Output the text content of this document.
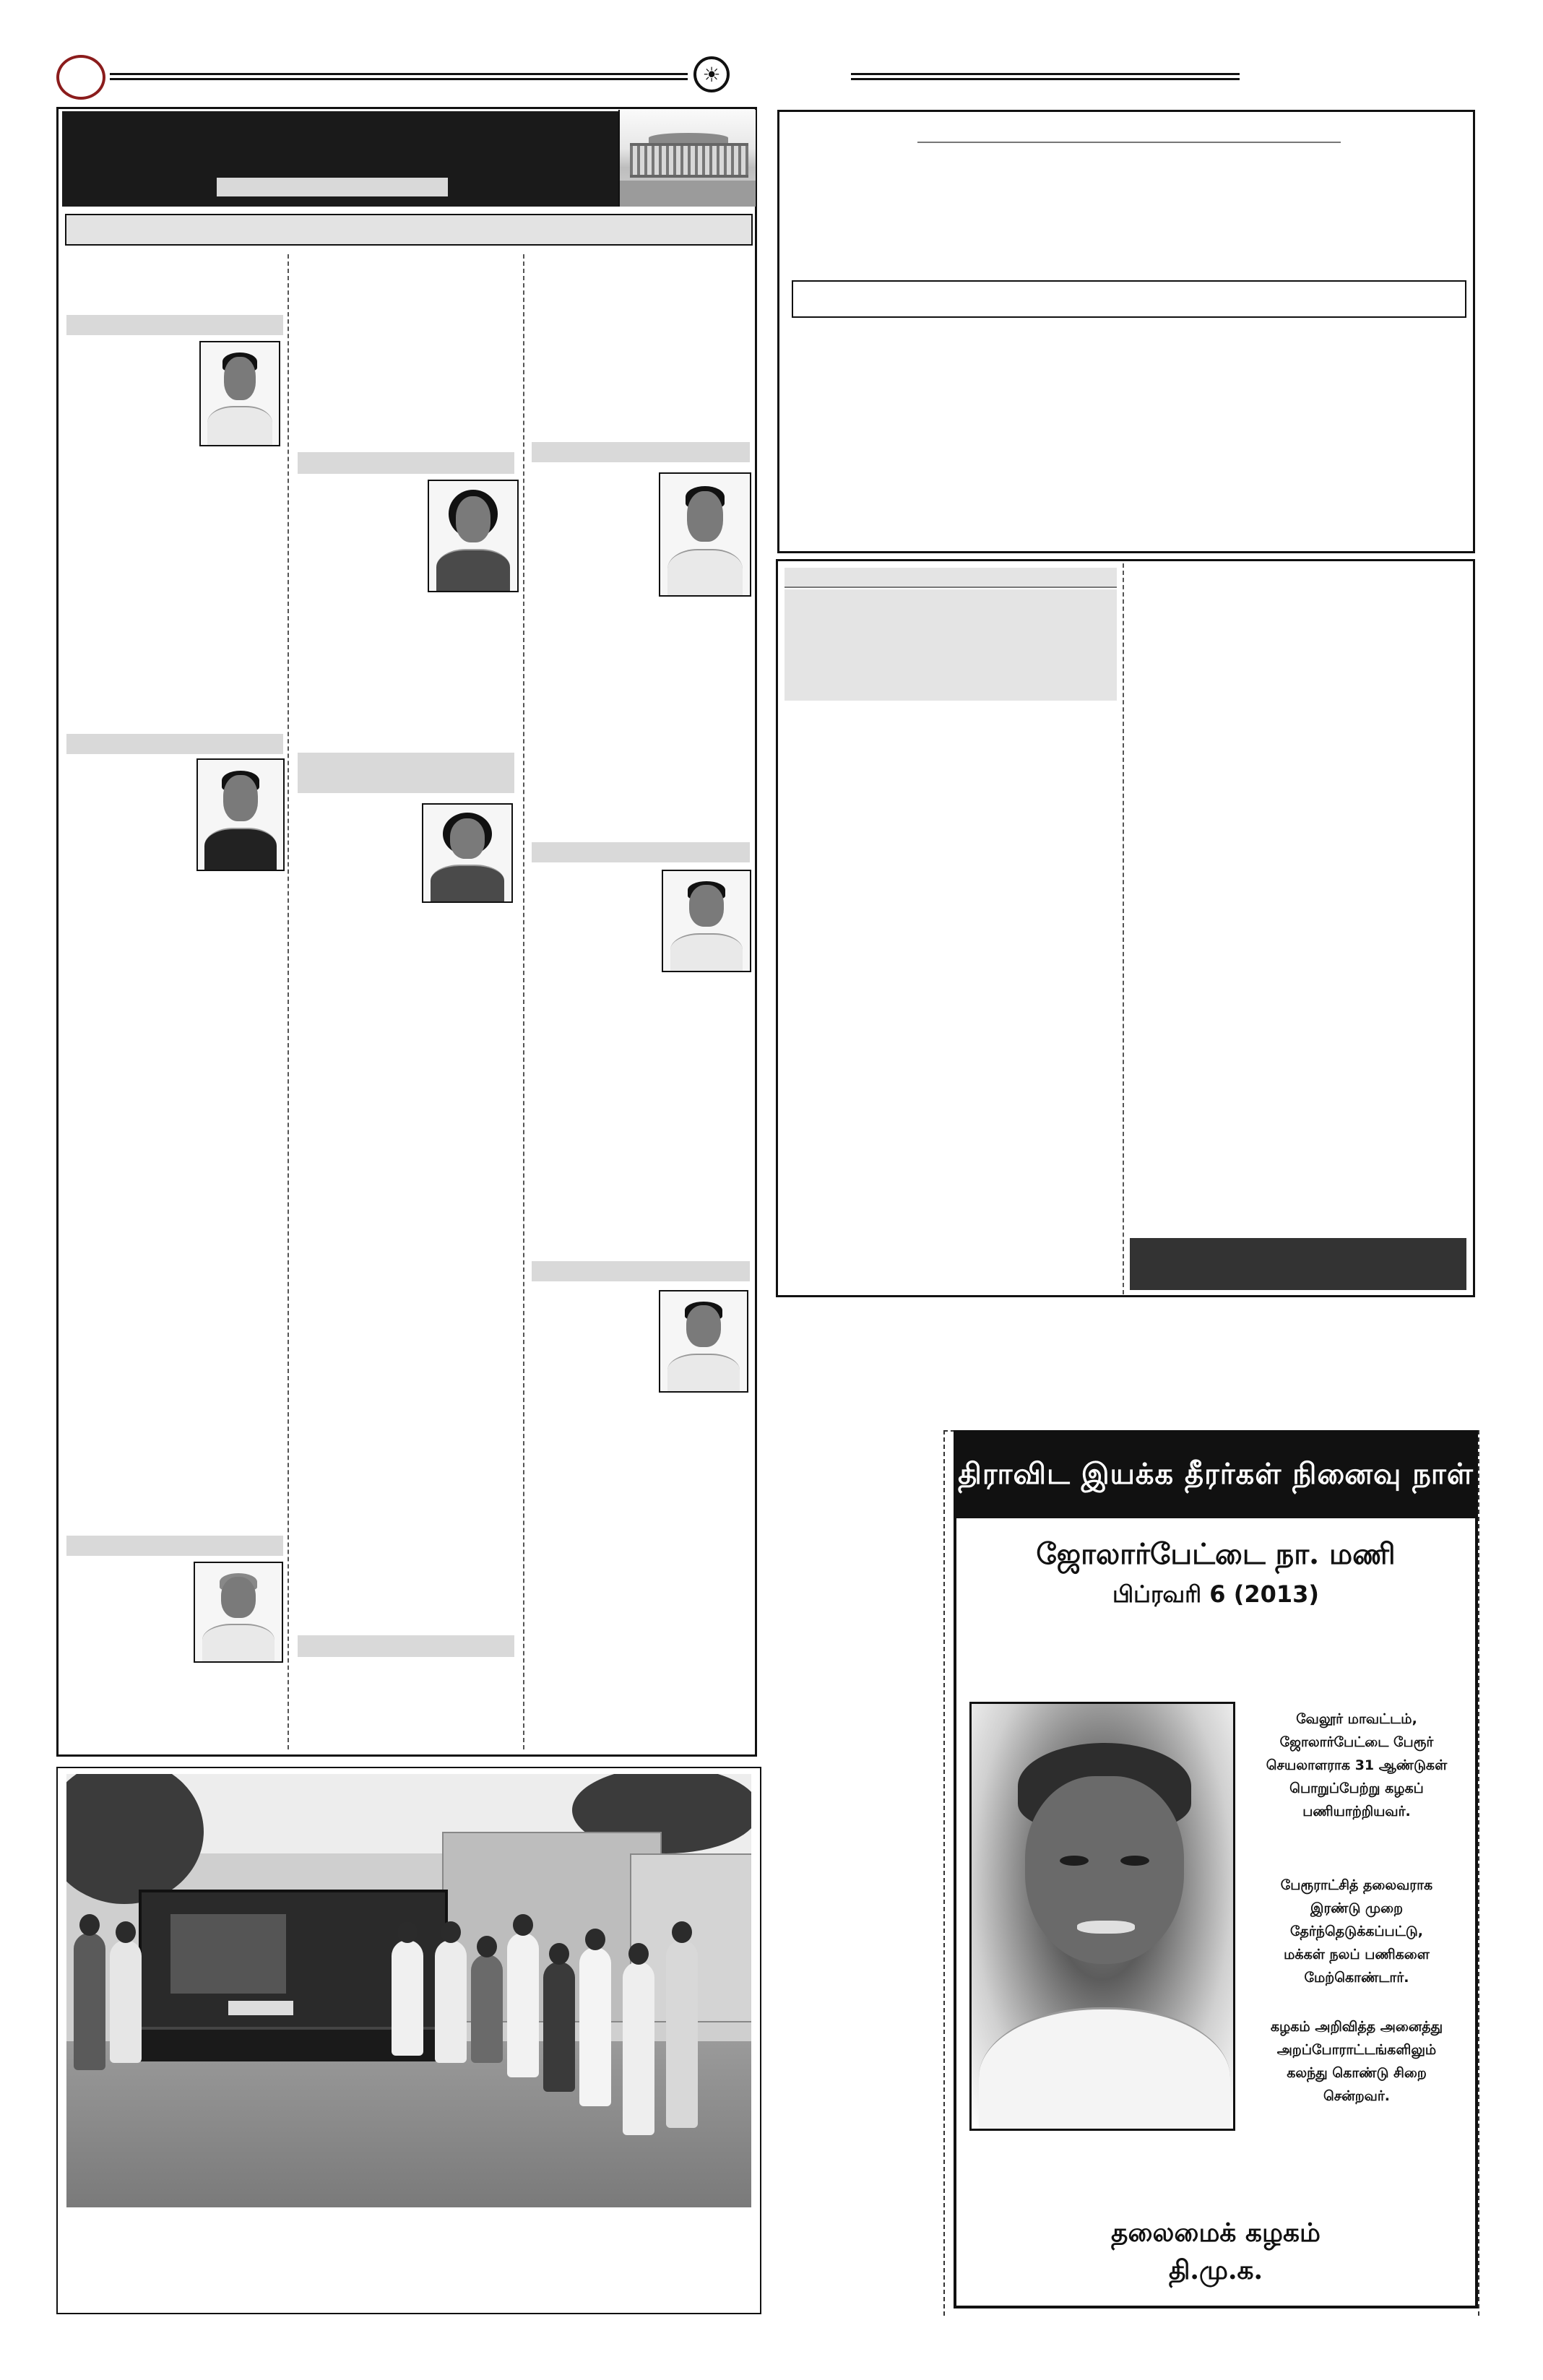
☀
திராவிட இயக்க தீரர்கள் நினைவு நாள்
ஜோலார்பேட்டை நா. மணி
பிப்ரவரி 6 (2013)
வேலூர் மாவட்டம்,
ஜோலார்பேட்டை பேரூர்
செயலாளராக 31 ஆண்டுகள்
பொறுப்பேற்று கழகப்
பணியாற்றியவர்.
பேரூராட்சித் தலைவராக
இரண்டு முறை
தேர்ந்தெடுக்கப்பட்டு,
மக்கள் நலப் பணிகளை
மேற்கொண்டார்.
கழகம் அறிவித்த அனைத்து
அறப்போராட்டங்களிலும்
கலந்து கொண்டு சிறை
சென்றவர்.
தலைமைக் கழகம்
தி.மு.க.
